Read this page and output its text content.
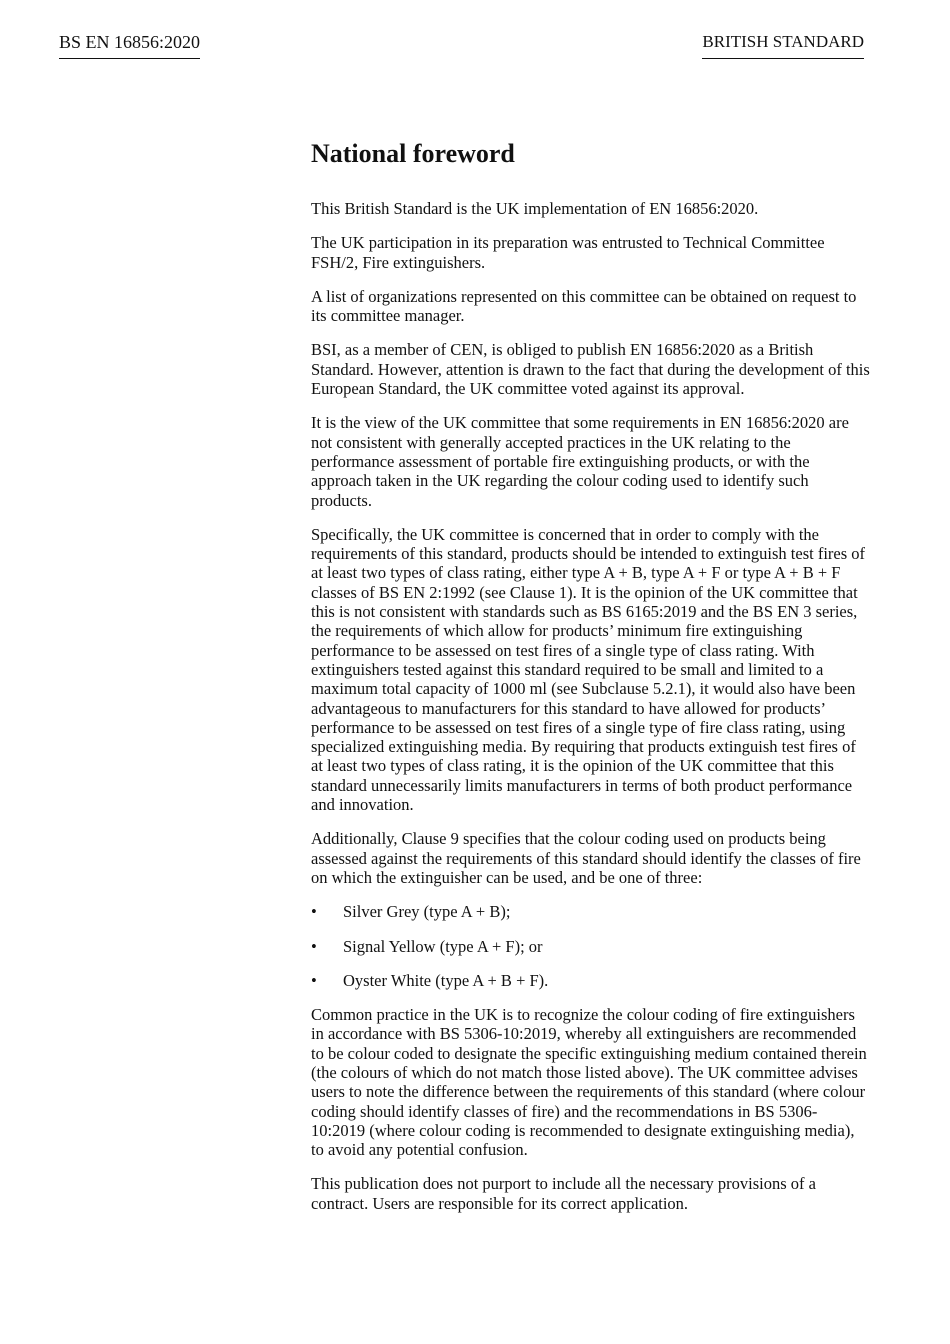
BS EN 16856:2020	BRITISH STANDARD
National foreword

This British Standard is the UK implementation of EN 16856:2020.

The UK participation in its preparation was entrusted to Technical Committee FSH/2, Fire extinguishers.

A list of organizations represented on this committee can be obtained on request to its committee manager.

BSI, as a member of CEN, is obliged to publish EN 16856:2020 as a British Standard. However, attention is drawn to the fact that during the development of this European Standard, the UK committee voted against its approval.

It is the view of the UK committee that some requirements in EN 16856:2020 are not consistent with generally accepted practices in the UK relating to the performance assessment of portable fire extinguishing products, or with the approach taken in the UK regarding the colour coding used to identify such products.

Specifically, the UK committee is concerned that in order to comply with the requirements of this standard, products should be intended to extinguish test fires of at least two types of class rating, either type A + B, type A + F or type A + B + F classes of BS EN 2:1992 (see Clause 1). It is the opinion of the UK committee that this is not consistent with standards such as BS 6165:2019 and the BS EN 3 series, the requirements of which allow for products’ minimum fire extinguishing performance to be assessed on test fires of a single type of class rating. With extinguishers tested against this standard required to be small and limited to a maximum total capacity of 1000 ml (see Subclause 5.2.1), it would also have been advantageous to manufacturers for this standard to have allowed for products’ performance to be assessed on test fires of a single type of fire class rating, using specialized extinguishing media. By requiring that products extinguish test fires of at least two types of class rating, it is the opinion of the UK committee that this standard unnecessarily limits manufacturers in terms of both product performance and innovation.

Additionally, Clause 9 specifies that the colour coding used on products being assessed against the requirements of this standard should identify the classes of fire on which the extinguisher can be used, and be one of three:

• Silver Grey (type A + B);
• Signal Yellow (type A + F); or
• Oyster White (type A + B + F).

Common practice in the UK is to recognize the colour coding of fire extinguishers in accordance with BS 5306-10:2019, whereby all extinguishers are recommended to be colour coded to designate the specific extinguishing medium contained therein (the colours of which do not match those listed above). The UK committee advises users to note the difference between the requirements of this standard (where colour coding should identify classes of fire) and the recommendations in BS 5306-10:2019 (where colour coding is recommended to designate extinguishing media), to avoid any potential confusion.

This publication does not purport to include all the necessary provisions of a contract. Users are responsible for its correct application.
